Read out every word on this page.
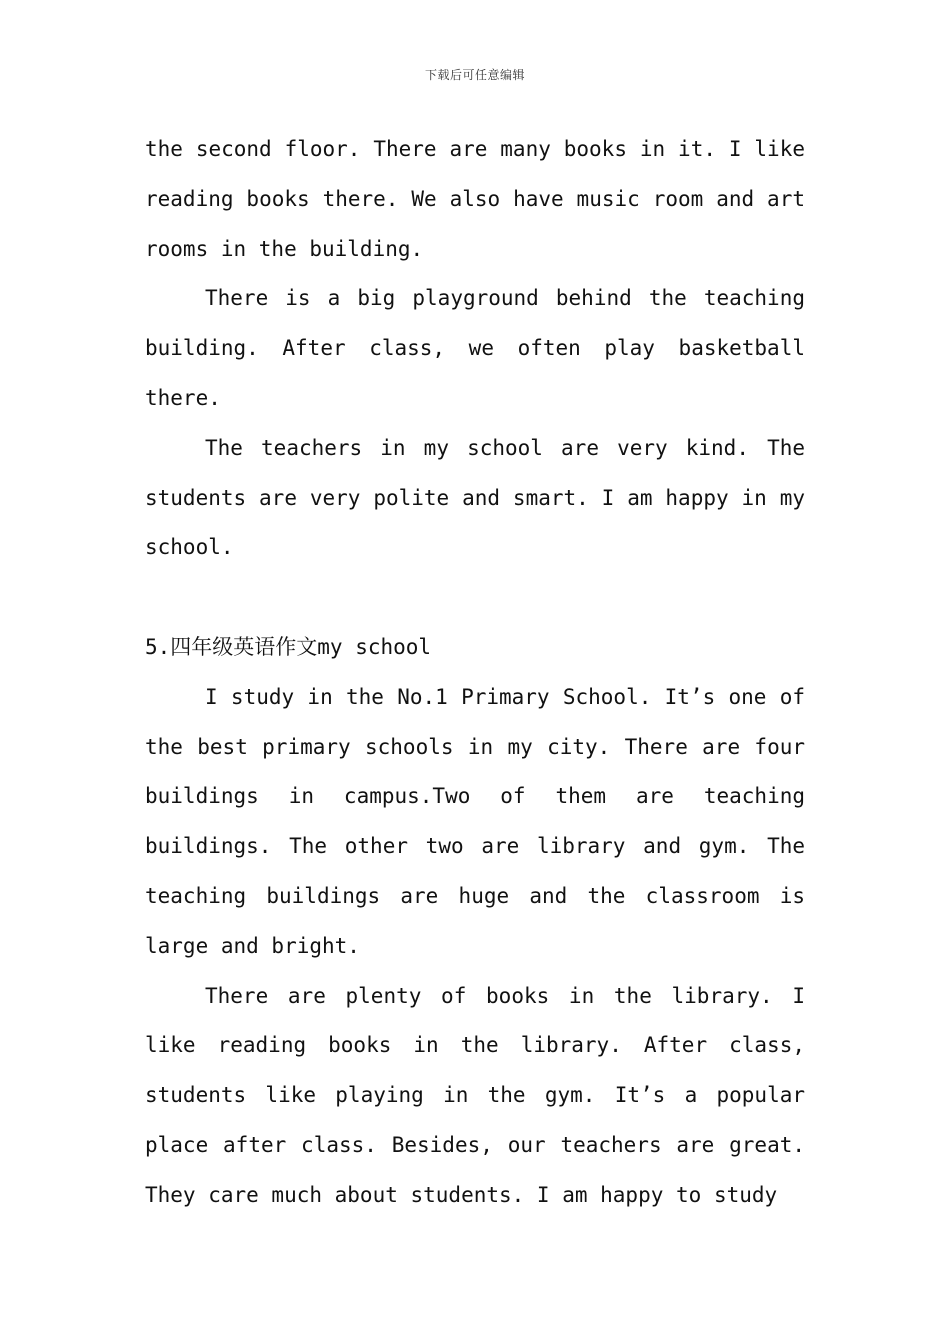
下载后可任意编辑

the second floor. There are many books in it. I like reading books there. We also have music room and art rooms in the building.

There is a big playground behind the teaching building. After class, we often play basketball there.

The teachers in my school are very kind. The students are very polite and smart. I am happy in my school.

5.四年级英语作文my school

I study in the No.1 Primary School. It’s one of the best primary schools in my city. There are four buildings in campus.Two of them are teaching buildings. The other two are library and gym. The teaching buildings are huge and the classroom is large and bright.

There are plenty of books in the library. I like reading books in the library. After class, students like playing in the gym. It’s a popular place after class. Besides, our teachers are great. They care much about students. I am happy to study
